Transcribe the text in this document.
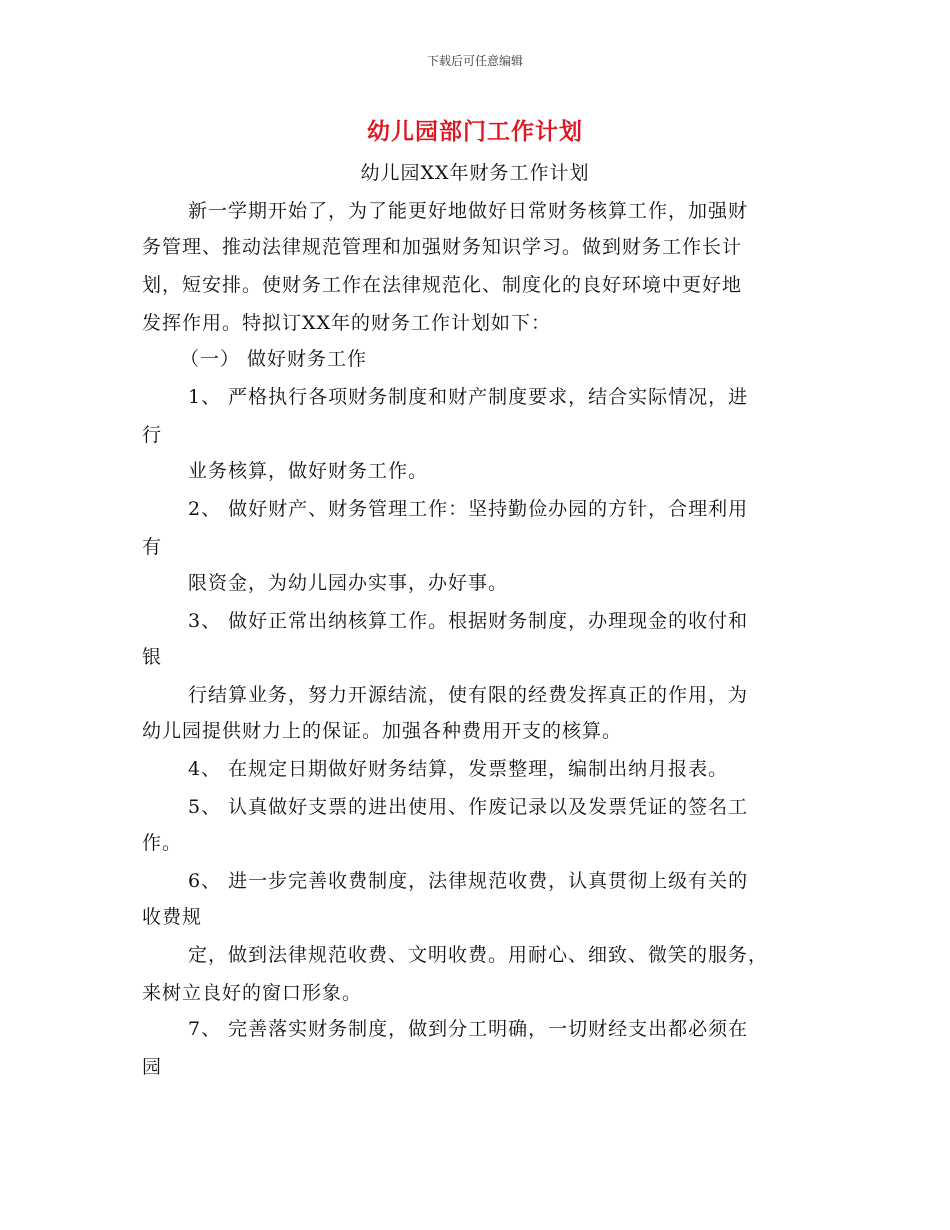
下载后可任意编辑
幼儿园部门工作计划
幼儿园XX年财务工作计划
新一学期开始了，为了能更好地做好日常财务核算工作，加强财
务管理、推动法律规范管理和加强财务知识学习。做到财务工作长计
划，短安排。使财务工作在法律规范化、制度化的良好环境中更好地
发挥作用。特拟订XX年的财务工作计划如下：
（一） 做好财务工作
1、 严格执行各项财务制度和财产制度要求，结合实际情况，进
行
业务核算，做好财务工作。
2、 做好财产、财务管理工作：坚持勤俭办园的方针，合理利用
有
限资金，为幼儿园办实事，办好事。
3、 做好正常出纳核算工作。根据财务制度，办理现金的收付和
银
行结算业务，努力开源结流，使有限的经费发挥真正的作用，为
幼儿园提供财力上的保证。加强各种费用开支的核算。
4、 在规定日期做好财务结算，发票整理，编制出纳月报表。
5、 认真做好支票的进出使用、作废记录以及发票凭证的签名工
作。
6、 进一步完善收费制度，法律规范收费，认真贯彻上级有关的
收费规
定，做到法律规范收费、文明收费。用耐心、细致、微笑的服务，
来树立良好的窗口形象。
7、 完善落实财务制度，做到分工明确，一切财经支出都必须在
园
